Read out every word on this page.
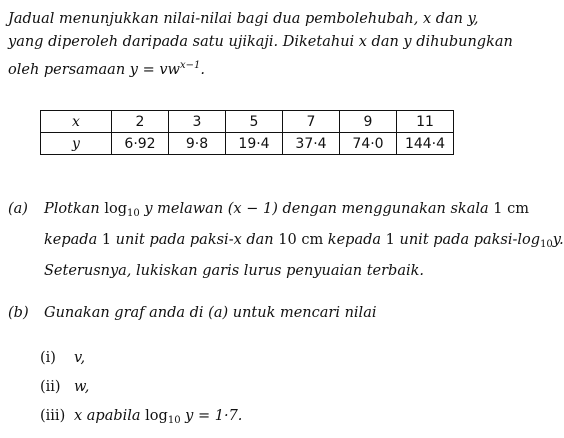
Jadual menunjukkan nilai-nilai bagi dua pembolehubah, x dan y,
yang diperoleh daripada satu ujikaji. Diketahui x dan y dihubungkan
oleh persamaan $y = vw^{x-1}$.
x	2	3	5	7	9	11
y	6·92	9·8	19·4	37·4	74·0	144·4
(a) Plotkan $\log_{10} y$ melawan (x − 1) dengan menggunakan skala 1 cm
kepada 1 unit pada paksi-x dan 10 cm kepada 1 unit pada paksi-$\log_{10}y$.
Seterusnya, lukiskan garis lurus penyuaian terbaik.
(b) Gunakan graf anda di (a) untuk mencari nilai
(i) v,
(ii) w,
(iii) x apabila $\log_{10} y = 1\cdot 7$.
